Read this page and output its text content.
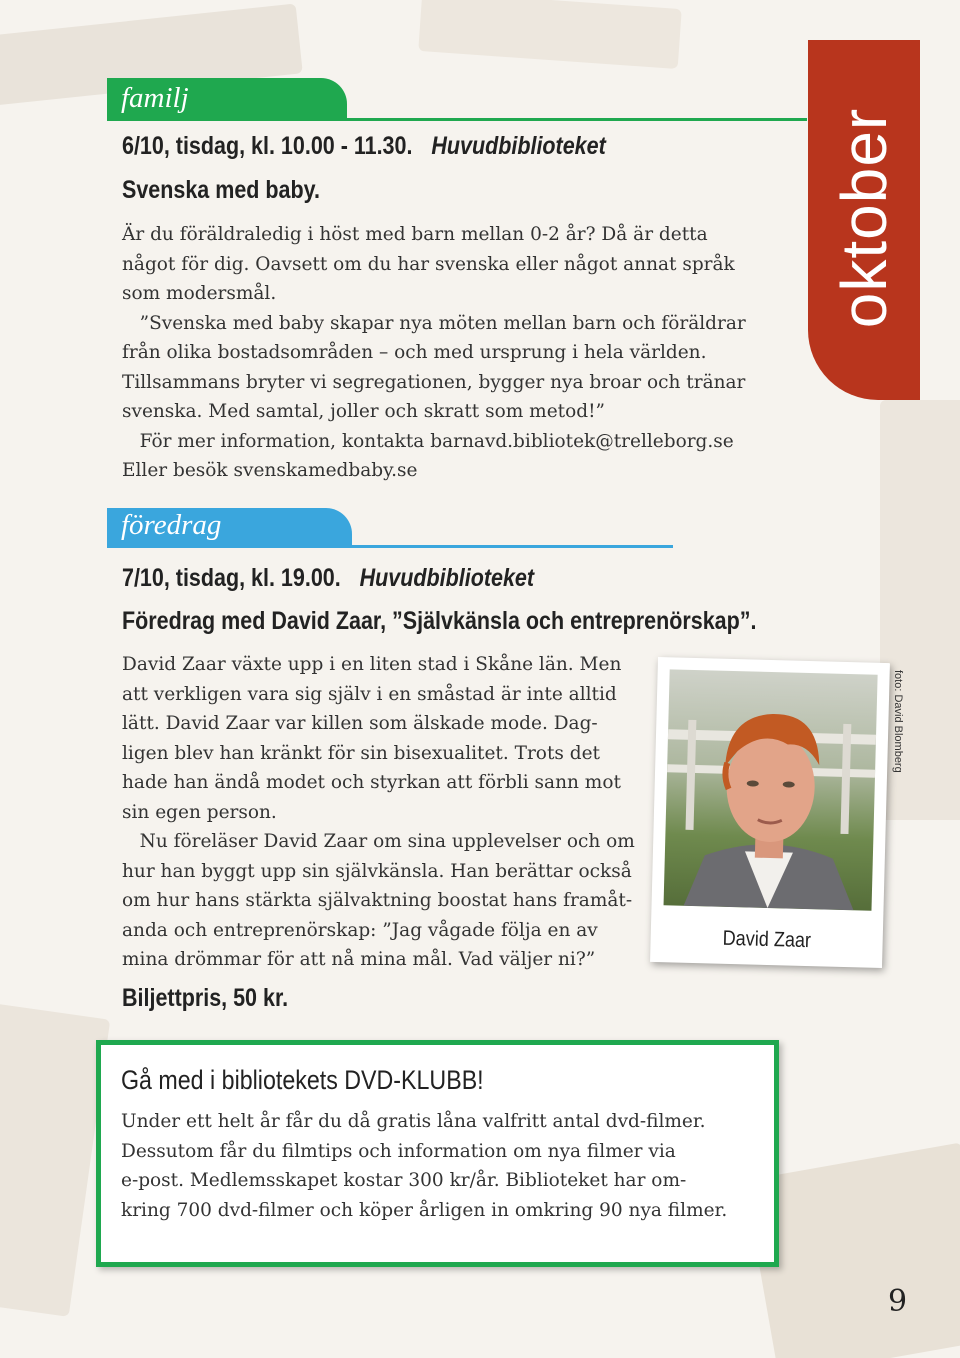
oktober
familj
6/10, tisdag, kl. 10.00 - 11.30. Huvudbiblioteket
Svenska med baby.

Är du föräldraledig i höst med barn mellan 0-2 år? Då är detta

något för dig. Oavsett om du har svenska eller något annat språk

som modersmål.

”Svenska med baby skapar nya möten mellan barn och föräldrar

från olika bostadsområden – och med ursprung i hela världen.

Tillsammans bryter vi segregationen, bygger nya broar och tränar

svenska. Med samtal, joller och skratt som metod!”

För mer information, kontakta barnavd.bibliotek@trelleborg.se

Eller besök svenskamedbaby.se

föredrag
7/10, tisdag, kl. 19.00. Huvudbiblioteket
Föredrag med David Zaar, ”Självkänsla och entreprenörskap”.

David Zaar växte upp i en liten stad i Skåne län. Men

att verkligen vara sig själv i en småstad är inte alltid

lätt. David Zaar var killen som älskade mode. Dag-

ligen blev han kränkt för sin bisexualitet. Trots det

hade han ändå modet och styrkan att förbli sann mot

sin egen person.

Nu föreläser David Zaar om sina upplevelser och om

hur han byggt upp sin självkänsla. Han berättar också

om hur hans stärkta självaktning boostat hans framåt-

anda och entreprenörskap: ”Jag vågade följa en av

mina drömmar för att nå mina mål. Vad väljer ni?”

Biljettpris, 50 kr.
David Zaar
foto: David Blomberg
Gå med i bibliotekets DVD-KLUBB!

Under ett helt år får du då gratis låna valfritt antal dvd-filmer.

Dessutom får du filmtips och information om nya filmer via

e-post. Medlemsskapet kostar 300 kr/år. Biblioteket har om-

kring 700 dvd-filmer och köper årligen in omkring 90 nya filmer.

9
